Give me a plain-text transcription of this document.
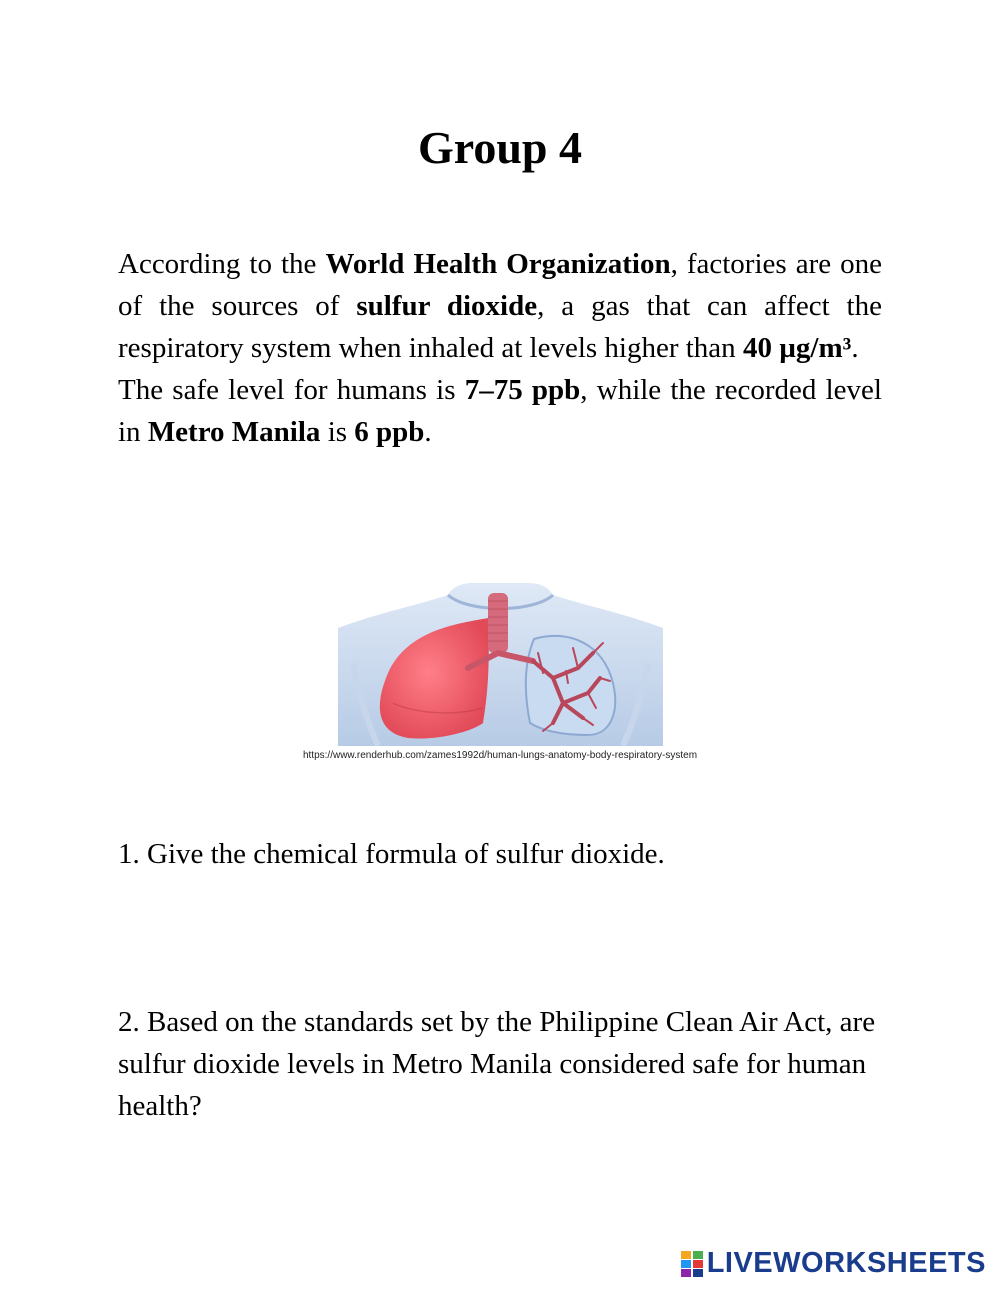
Group 4

According to the World Health Organization, factories are one of the sources of sulfur dioxide, a gas that can affect the respiratory system when inhaled at levels higher than 40 µg/m³.

The safe level for humans is 7–75 ppb, while the recorded level in Metro Manila is 6 ppb.

https://www.renderhub.com/zames1992d/human-lungs-anatomy-body-respiratory-system

1. Give the chemical formula of sulfur dioxide.

2. Based on the standards set by the Philippine Clean Air Act, are sulfur dioxide levels in Metro Manila considered safe for human health?

LIVEWORKSHEETS
